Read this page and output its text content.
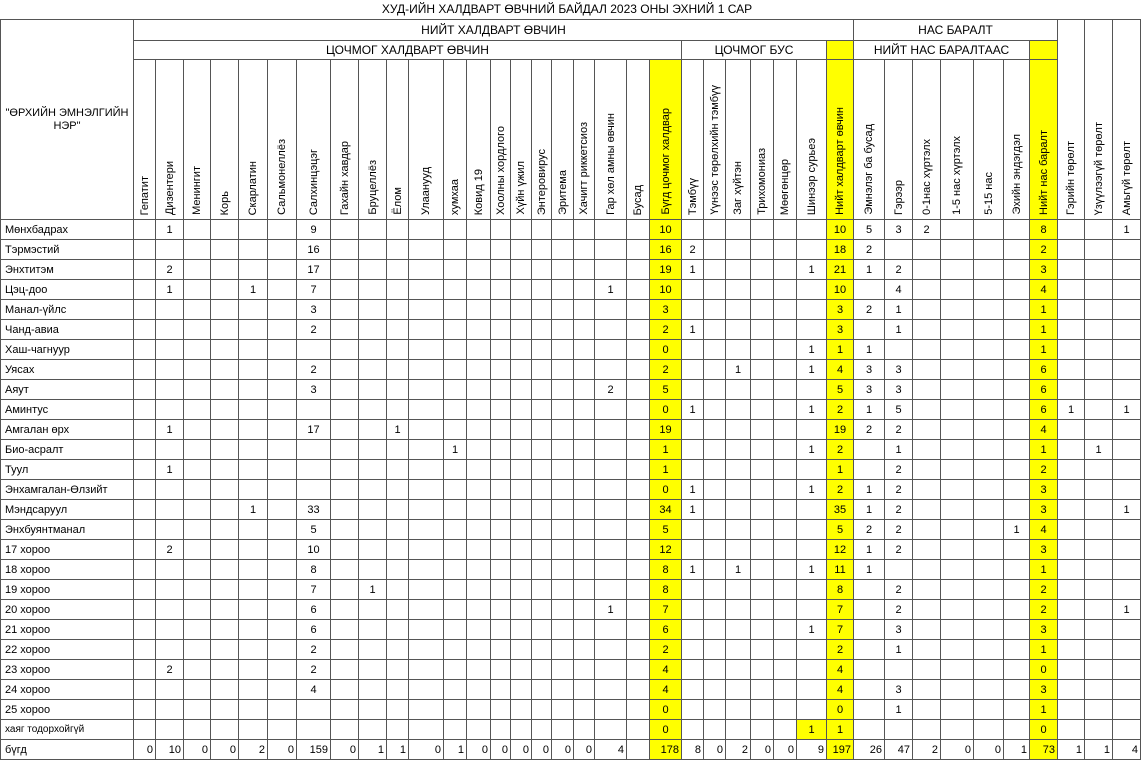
ХУД-ИЙН ХАЛДВАРТ ӨВЧНИЙ БАЙДАЛ 2023 ОНЫ ЭХНИЙ 1 САР
"ӨРХИЙН ЭМНЭЛГИЙН НЭР"	НИЙТ ХАЛДВАРТ ӨВЧИН																												НАС БАРАЛТ							Гэрийн төрөлт	Үзүүлээгүй төрөлт	Амьгүй төрөлт

	ЦОЧМОГ ХАЛДВАРТ ӨВЧИН																					ЦОЧМОГ БУС							НИЙТ НАС БАРАЛТААС									

	Гепатит	Дизентери	Менингит	Корь	Скарлатин	Сальмонеллёз	Салхинцэцэг	Гахайн хавдар	Бруцеллёз	Ёлом	Улаанууд	хумхаа	Ковид 19	Хоолны хордлого	Хүйн үжил	Энтеровирус	Эритема	Хачигт риккетсиоз	Гар хөл амны өвчин	Бусад	Бүгд цочмог халдвар	Тэмбүү	Үүнээс төрөлхийн тэмбүү	Заг хүйтэн	Трихомониаз	Мөөгөнцөр	Шинээр сурьеэ	Нийт халдварт өвчин	Эмнэлэг ба бусад	Гэрээр	0-1нас хүртэлх	1-5 нас хүртэлх	5-15 нас	Эхийн эндэгдэл	Нийт нас баралт			

Мөнхбадрах		1					9														10							10	5	3	2				8			1
Тэрмэстий							16														16	2						18	2						2			
Энхтитэм		2					17														19	1					1	21	1	2					3			
Цэц-доо		1			1		7												1		10							10		4					4			
Манал-үйлс							3														3							3	2	1					1			
Чанд-авиа							2														2	1						3		1					1			
Хаш-чагнуур																					0						1	1	1						1			
Уясах							2														2			1			1	4	3	3					6			
Аяут							3												2		5							5	3	3					6			
Аминтус																					0	1					1	2	1	5					6	1		1
Амгалан өрх		1					17			1											19							19	2	2					4			
Био-асралт												1									1						1	2		1					1		1	
Туул		1																			1							1		2					2			
Энхамгалан-Өлзийт																					0	1					1	2	1	2					3			
Мэндсаруул					1		33														34	1						35	1	2					3			1
Энхбуянтманал							5														5							5	2	2				1	4			
17 хороо		2					10														12							12	1	2					3			
18 хороо							8														8	1		1			1	11	1						1			
19 хороо							7		1												8							8		2					2			
20 хороо							6												1		7							7		2					2			1
21 хороо							6														6						1	7		3					3			
22 хороо							2														2							2		1					1			
23 хороо		2					2														4							4							0			
24 хороо							4														4							4		3					3			
25 хороо																					0							0		1					1			
хаяг тодорхойгүй																					0						1	1							0			
бүгд	0	10	0	0	2	0	159	0	1	1	0	1	0	0	0	0	0	0	4		178	8	0	2	0	0	9	197	26	47	2	0	0	1	73	1	1	4
